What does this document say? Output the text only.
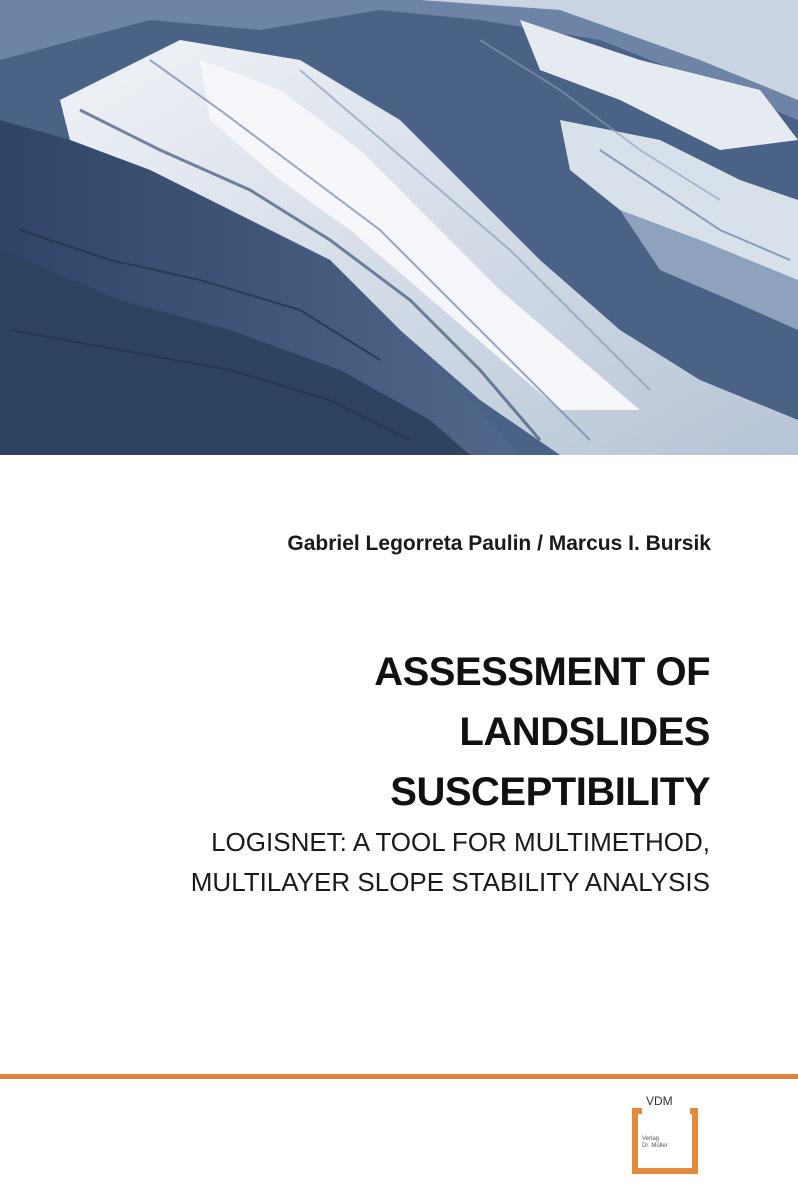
Gabriel Legorreta Paulin / Marcus I. Bursik
ASSESSMENT OF
LANDSLIDES
SUSCEPTIBILITY
LOGISNET: A TOOL FOR MULTIMETHOD,
MULTILAYER SLOPE STABILITY ANALYSIS
VDM
Verlag
Dr. Müller
